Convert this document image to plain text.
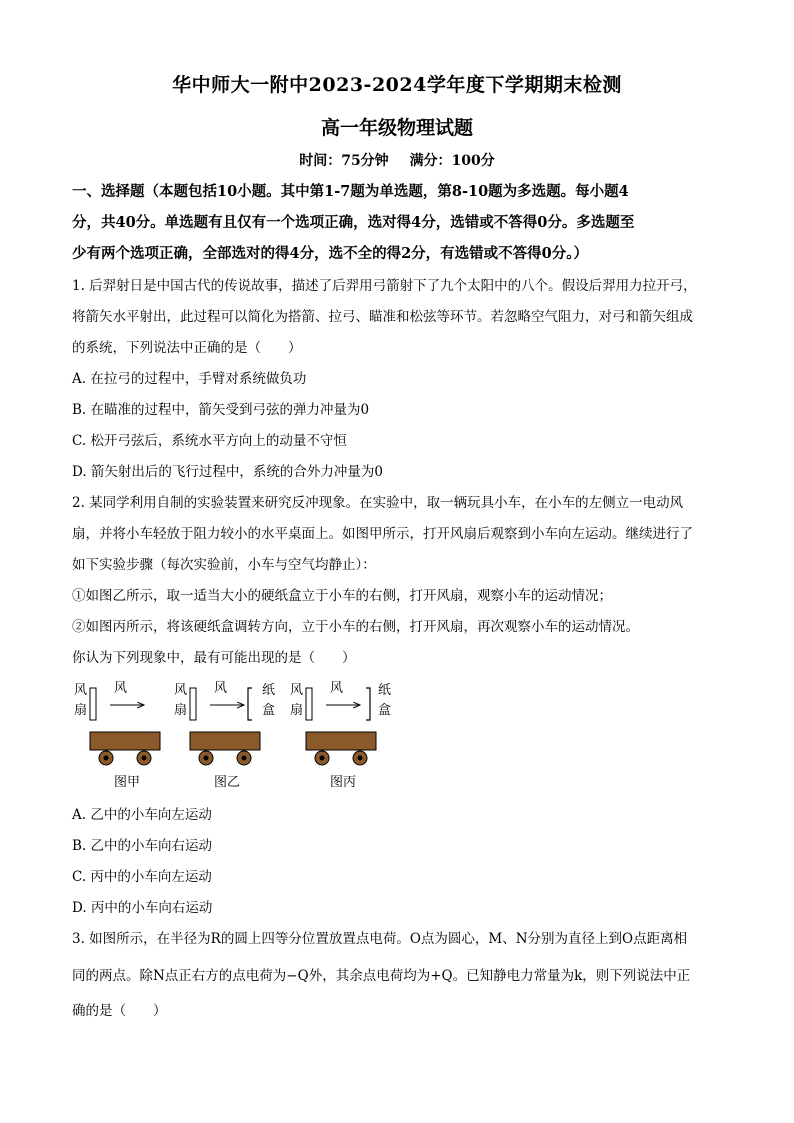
华中师大一附中2023-2024学年度下学期期末检测
高一年级物理试题
时间：75分钟 满分：100分
一、选择题（本题包括10小题。其中第1-7题为单选题，第8-10题为多选题。每小题4
分，共40分。单选题有且仅有一个选项正确，选对得4分，选错或不答得0分。多选题至
少有两个选项正确，全部选对的得4分，选不全的得2分，有选错或不答得0分。）
1. 后羿射日是中国古代的传说故事，描述了后羿用弓箭射下了九个太阳中的八个。假设后羿用力拉开弓，
将箭矢水平射出，此过程可以简化为搭箭、拉弓、瞄准和松弦等环节。若忽略空气阻力，对弓和箭矢组成
的系统，下列说法中正确的是（　　）
A. 在拉弓的过程中，手臂对系统做负功
B. 在瞄准的过程中，箭矢受到弓弦的弹力冲量为0
C. 松开弓弦后，系统水平方向上的动量不守恒
D. 箭矢射出后的飞行过程中，系统的合外力冲量为0
2. 某同学利用自制的实验装置来研究反冲现象。在实验中，取一辆玩具小车，在小车的左侧立一电动风
扇，并将小车轻放于阻力较小的水平桌面上。如图甲所示，打开风扇后观察到小车向左运动。继续进行了
如下实验步骤（每次实验前，小车与空气均静止）：
①如图乙所示，取一适当大小的硬纸盒立于小车的右侧，打开风扇，观察小车的运动情况；
②如图丙所示，将该硬纸盒调转方向，立于小车的右侧，打开风扇，再次观察小车的运动情况。
你认为下列现象中，最有可能出现的是（　　）
风
扇
风
图甲
风
扇
风	纸
盒
图乙
风
扇
风	纸
盒
图丙
A. 乙中的小车向左运动
B. 乙中的小车向右运动
C. 丙中的小车向左运动
D. 丙中的小车向右运动
3. 如图所示，在半径为R的圆上四等分位置放置点电荷。O点为圆心，M、N分别为直径上到O点距离相
同的两点。除N点正右方的点电荷为−Q外，其余点电荷均为+Q。已知静电力常量为k，则下列说法中正
确的是（　　）
